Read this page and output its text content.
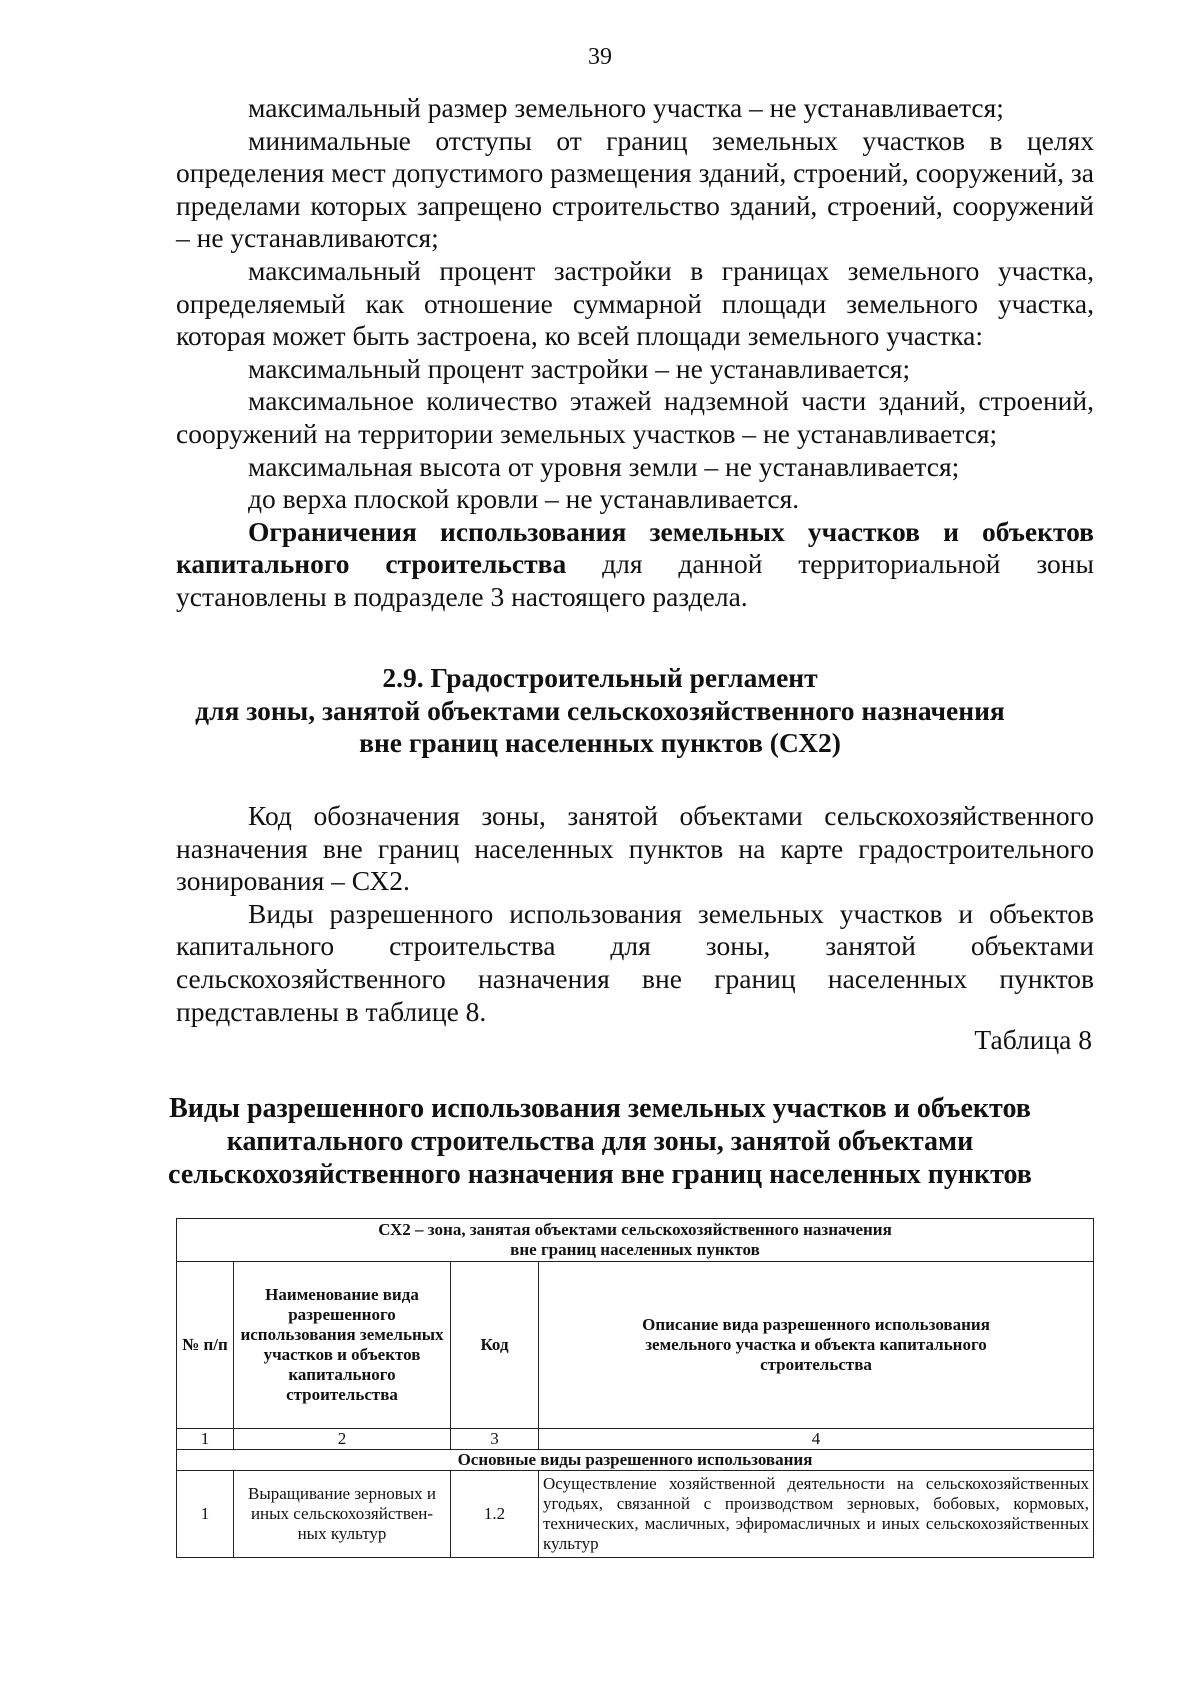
39

максимальный размер земельного участка – не устанавливается;

минимальные отступы от границ земельных участков в целях определения мест допустимого размещения зданий, строений, сооружений, за пределами которых запрещено строительство зданий, строений, сооружений – не устанавливаются;

максимальный процент застройки в границах земельного участка, определяемый как отношение суммарной площади земельного участка, которая может быть застроена, ко всей площади земельного участка:

максимальный процент застройки – не устанавливается;

максимальное количество этажей надземной части зданий, строений, сооружений на территории земельных участков – не устанавливается;

максимальная высота от уровня земли – не устанавливается;

до верха плоской кровли – не устанавливается.

Ограничения использования земельных участков и объектов капитального строительства для данной территориальной зоны установлены в подразделе 3 настоящего раздела.

2.9. Градостроительный регламент
для зоны, занятой объектами сельскохозяйственного назначения
вне границ населенных пунктов (СХ2)

Код обозначения зоны, занятой объектами сельскохозяйственного назначения вне границ населенных пунктов на карте градостроительного зонирования – СХ2.

Виды разрешенного использования земельных участков и объектов капитального строительства для зоны, занятой объектами сельскохозяйственного назначения вне границ населенных пунктов представлены в таблице 8.

Таблица 8
Виды разрешенного использования земельных участков и объектов
капитального строительства для зоны, занятой объектами
сельскохозяйственного назначения вне границ населенных пунктов
СХ2 – зона, занятая объектами сельскохозяйственного назначения
вне границ населенных пунктов			

№ п/п	Наименование вида разрешенного использования земельных участков и объектов капитального строительства	Код	Описание вида разрешенного использования земельного участка и объекта капитального строительства
1	2	3	4
Основные виды разрешенного использования			
1	Выращивание зерновых и иных сельскохозяйствен-ных культур	1.2	Осуществление хозяйственной деятельности на сельскохозяйственных угодьях, связанной с производством зерновых, бобовых, кормовых, технических, масличных, эфиромасличных и иных сельскохозяйственных культур
